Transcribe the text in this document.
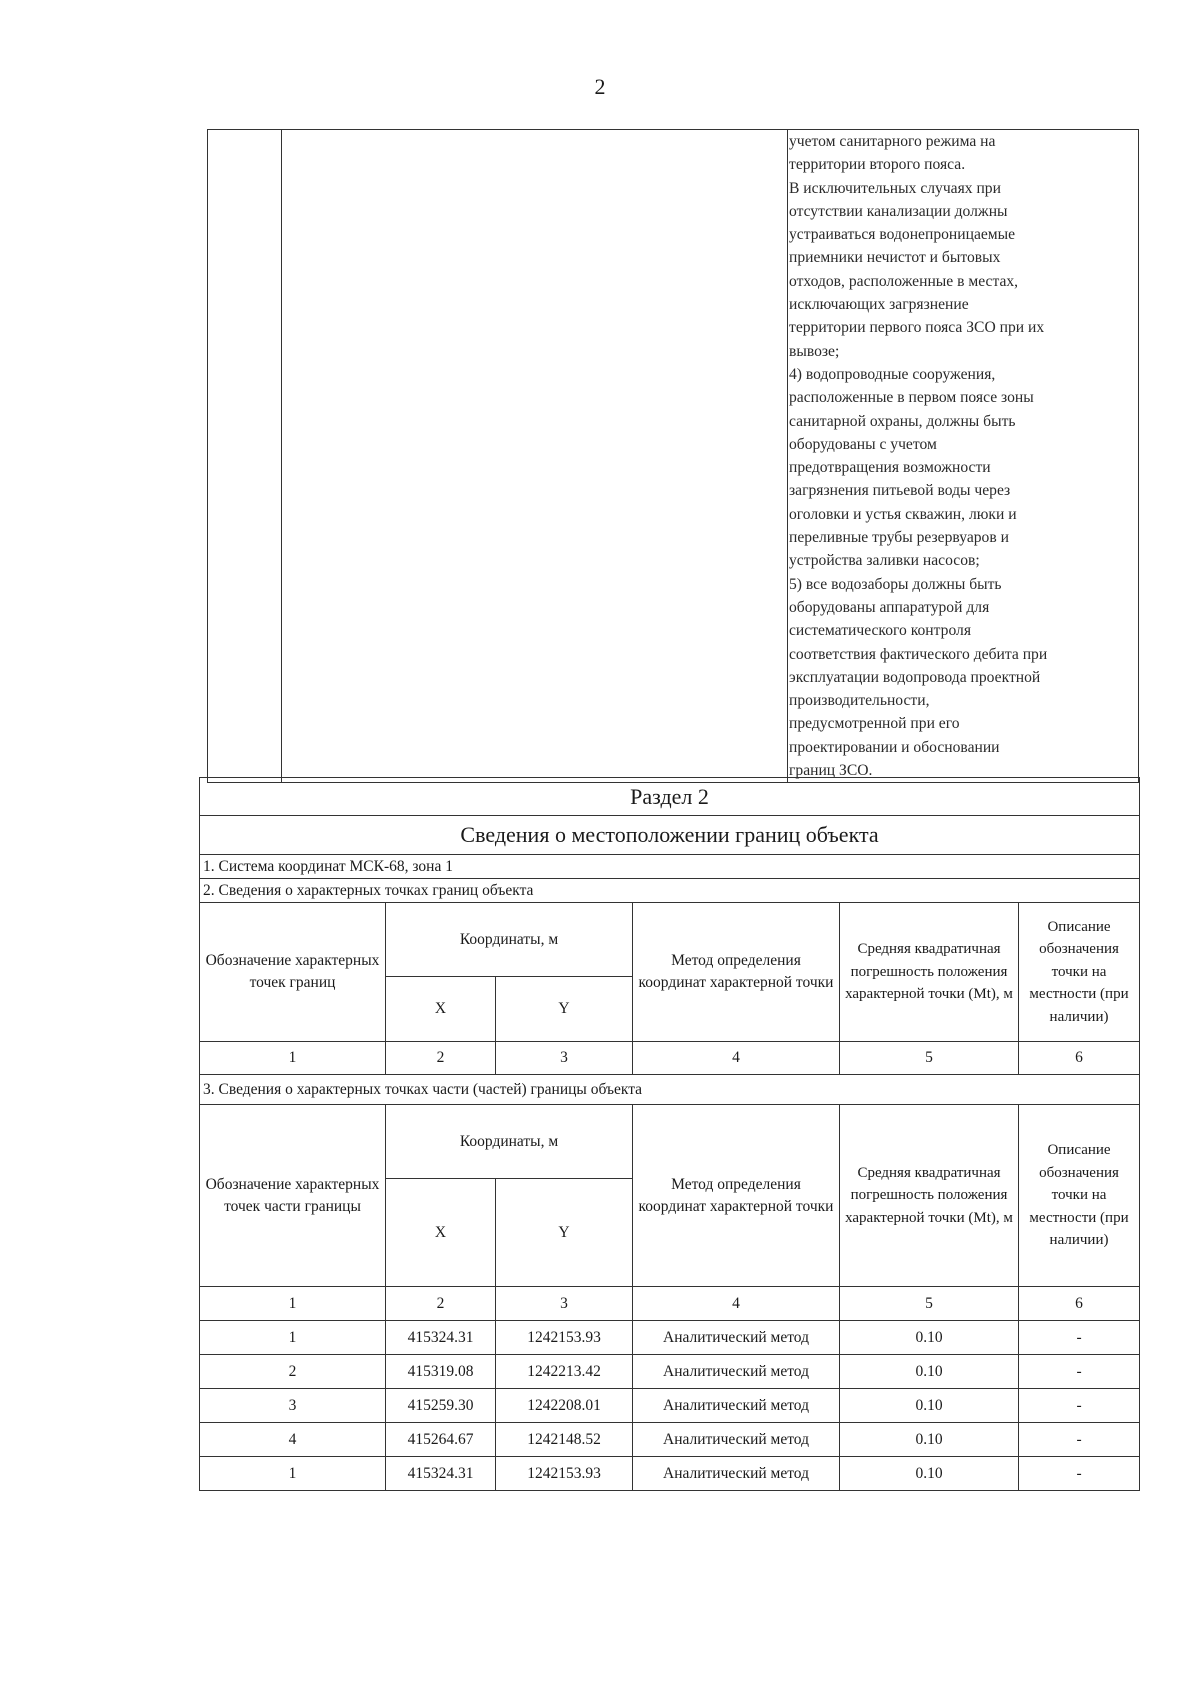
2
учетом санитарного режима на
территории второго пояса.
В исключительных случаях при
отсутствии канализации должны
устраиваться водонепроницаемые
приемники нечистот и бытовых
отходов, расположенные в местах,
исключающих загрязнение
территории первого пояса ЗСО при их
вывозе;
4) водопроводные сооружения,
расположенные в первом поясе зоны
санитарной охраны, должны быть
оборудованы с учетом
предотвращения возможности
загрязнения питьевой воды через
оголовки и устья скважин, люки и
переливные трубы резервуаров и
устройства заливки насосов;
5) все водозаборы должны быть
оборудованы аппаратурой для
систематического контроля
соответствия фактического дебита при
эксплуатации водопровода проектной
производительности,
предусмотренной при его
проектировании и обосновании
границ ЗСО.
Раздел 2					
Сведения о местоположении границ объекта					
1. Система координат МСК-68, зона 1					
2. Сведения о характерных точках границ объекта					
Обозначение характерных точек границ	Координаты, м		Метод определения координат характерной точки	Средняя квадратичная погрешность положения характерной точки (Mt), м	Описание обозначения точки на местности (при наличии)
	X	Y			
1	2	3	4	5	6
3. Сведения о характерных точках части (частей) границы объекта					
Обозначение характерных точек части границы	Координаты, м		Метод определения координат характерной точки	Средняя квадратичная погрешность положения характерной точки (Mt), м	Описание обозначения точки на местности (при наличии)
	X	Y			
1	2	3	4	5	6
1	415324.31	1242153.93	Аналитический метод	0.10	-
2	415319.08	1242213.42	Аналитический метод	0.10	-
3	415259.30	1242208.01	Аналитический метод	0.10	-
4	415264.67	1242148.52	Аналитический метод	0.10	-
1	415324.31	1242153.93	Аналитический метод	0.10	-
